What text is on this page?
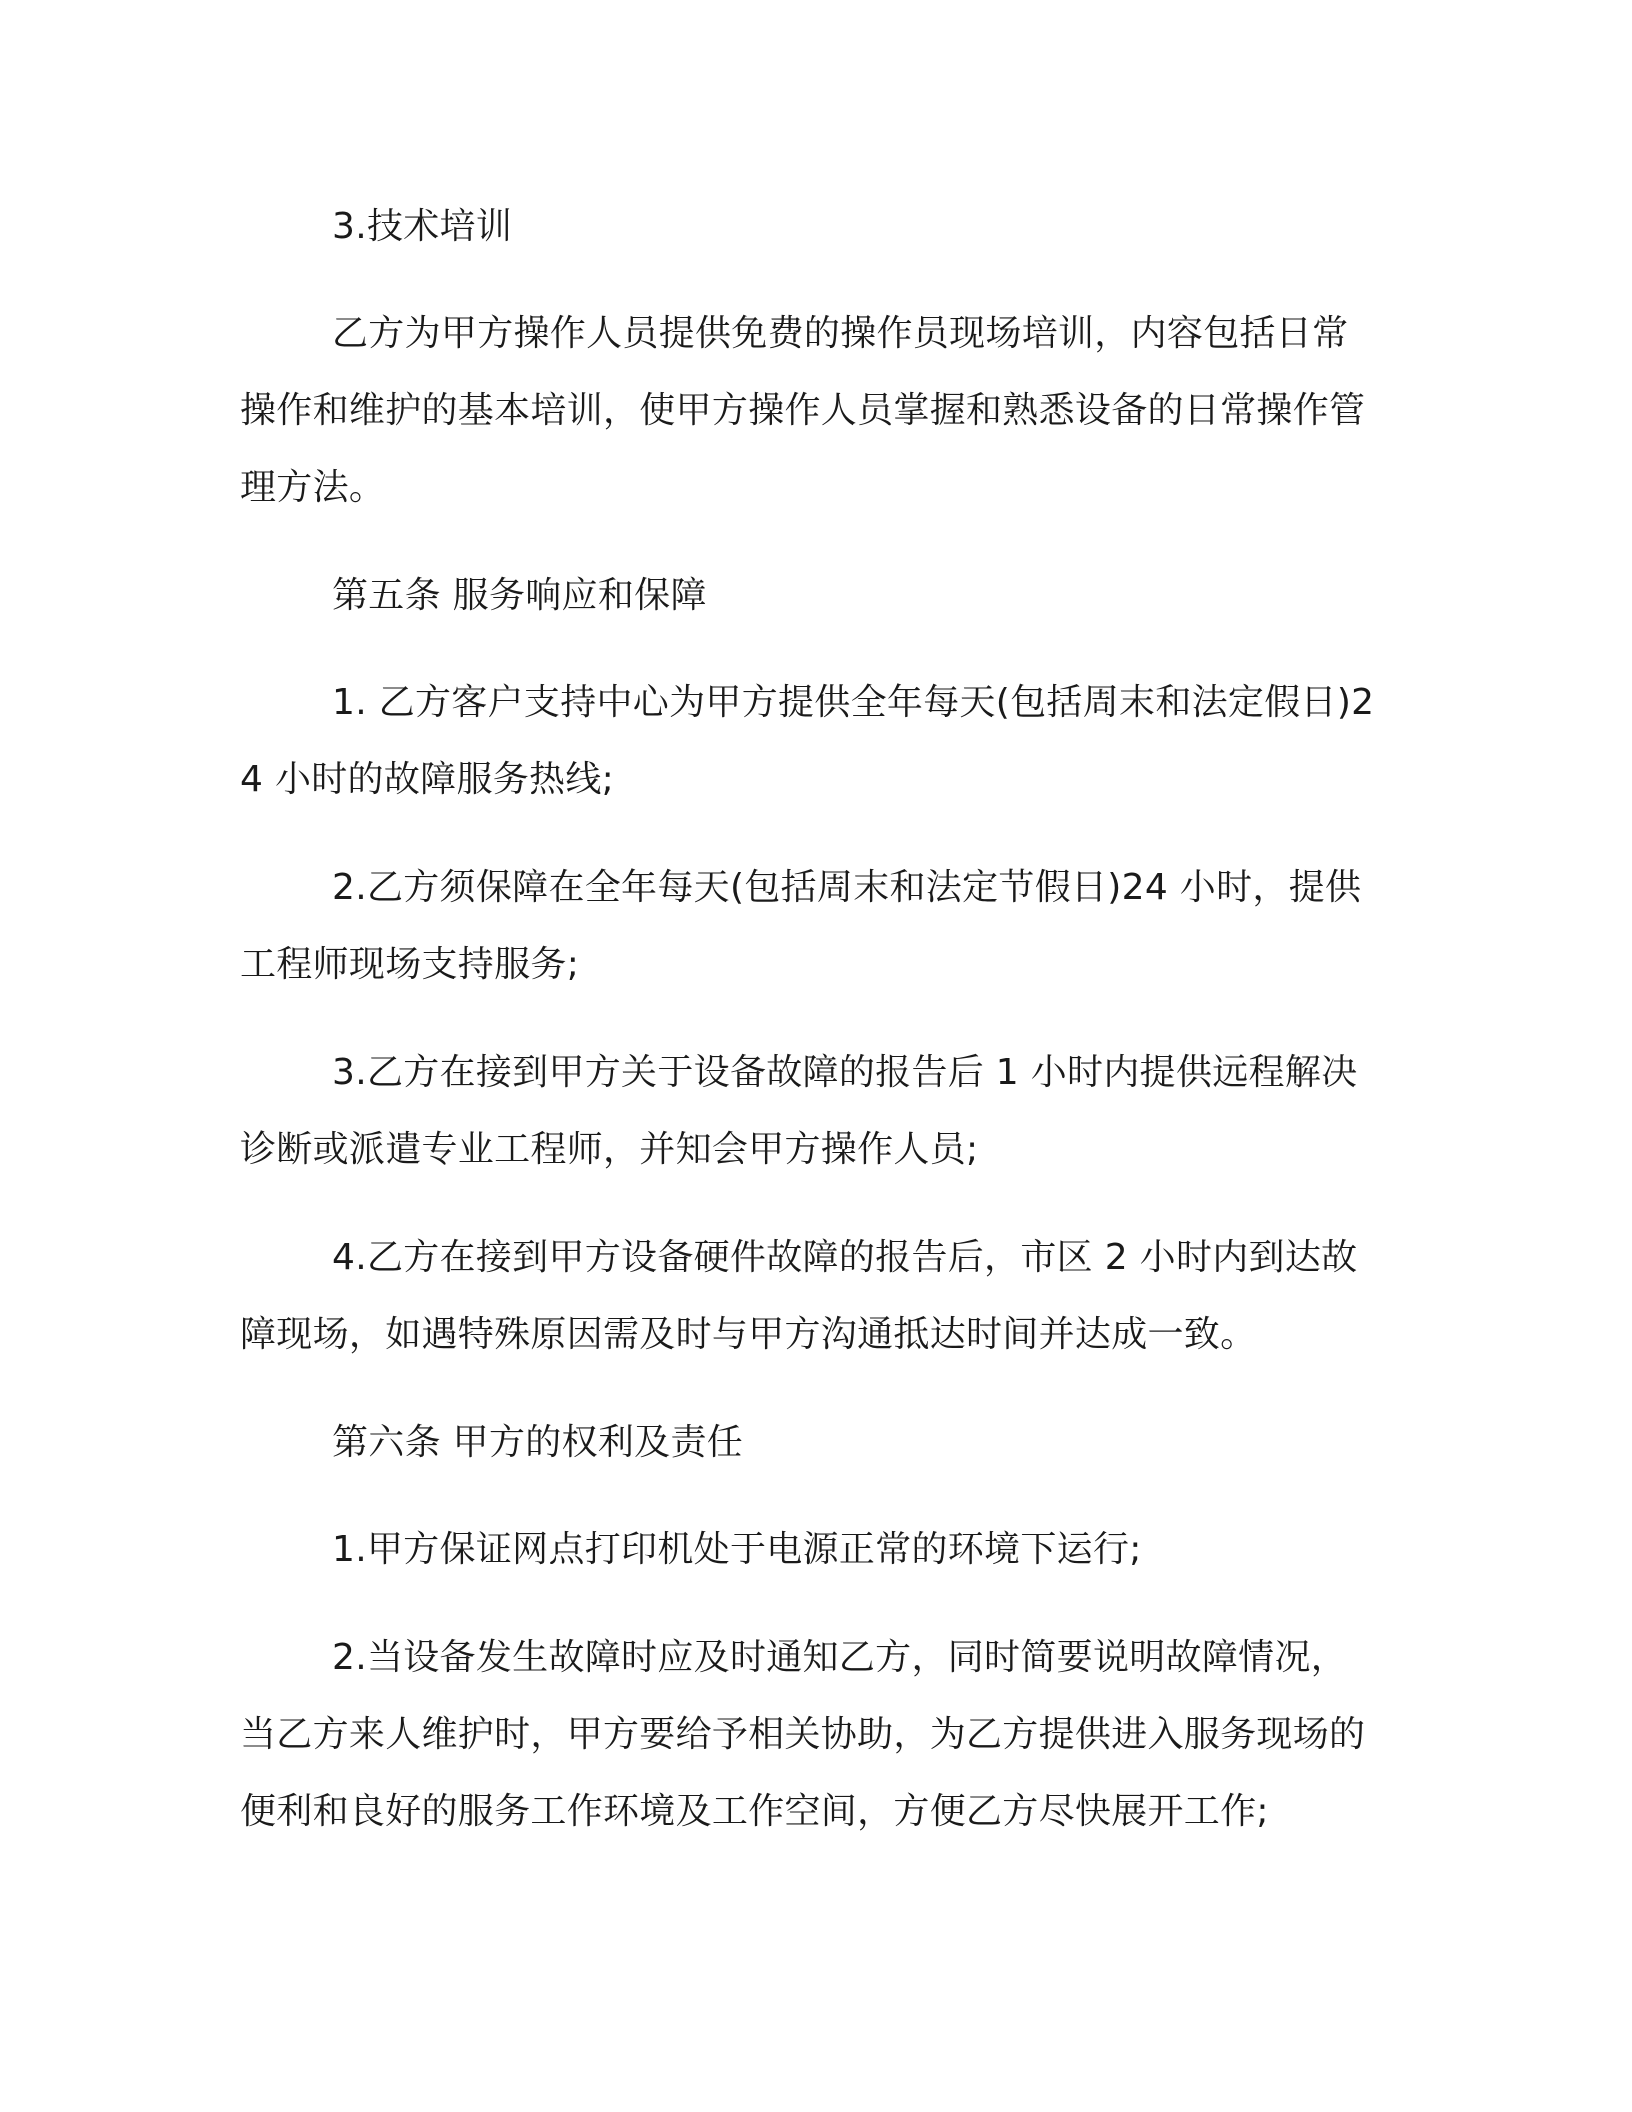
3.技术培训

乙方为甲方操作人员提供免费的操作员现场培训，内容包括日常操作和维护的基本培训，使甲方操作人员掌握和熟悉设备的日常操作管理方法。

第五条 服务响应和保障

1. 乙方客户支持中心为甲方提供全年每天(包括周末和法定假日)24 小时的故障服务热线;

2.乙方须保障在全年每天(包括周末和法定节假日)24 小时，提供工程师现场支持服务;

3.乙方在接到甲方关于设备故障的报告后 1 小时内提供远程解决诊断或派遣专业工程师，并知会甲方操作人员;

4.乙方在接到甲方设备硬件故障的报告后，市区 2 小时内到达故障现场，如遇特殊原因需及时与甲方沟通抵达时间并达成一致。

第六条 甲方的权利及责任

1.甲方保证网点打印机处于电源正常的环境下运行;

2.当设备发生故障时应及时通知乙方，同时简要说明故障情况，当乙方来人维护时，甲方要给予相关协助，为乙方提供进入服务现场的便利和良好的服务工作环境及工作空间，方便乙方尽快展开工作;
